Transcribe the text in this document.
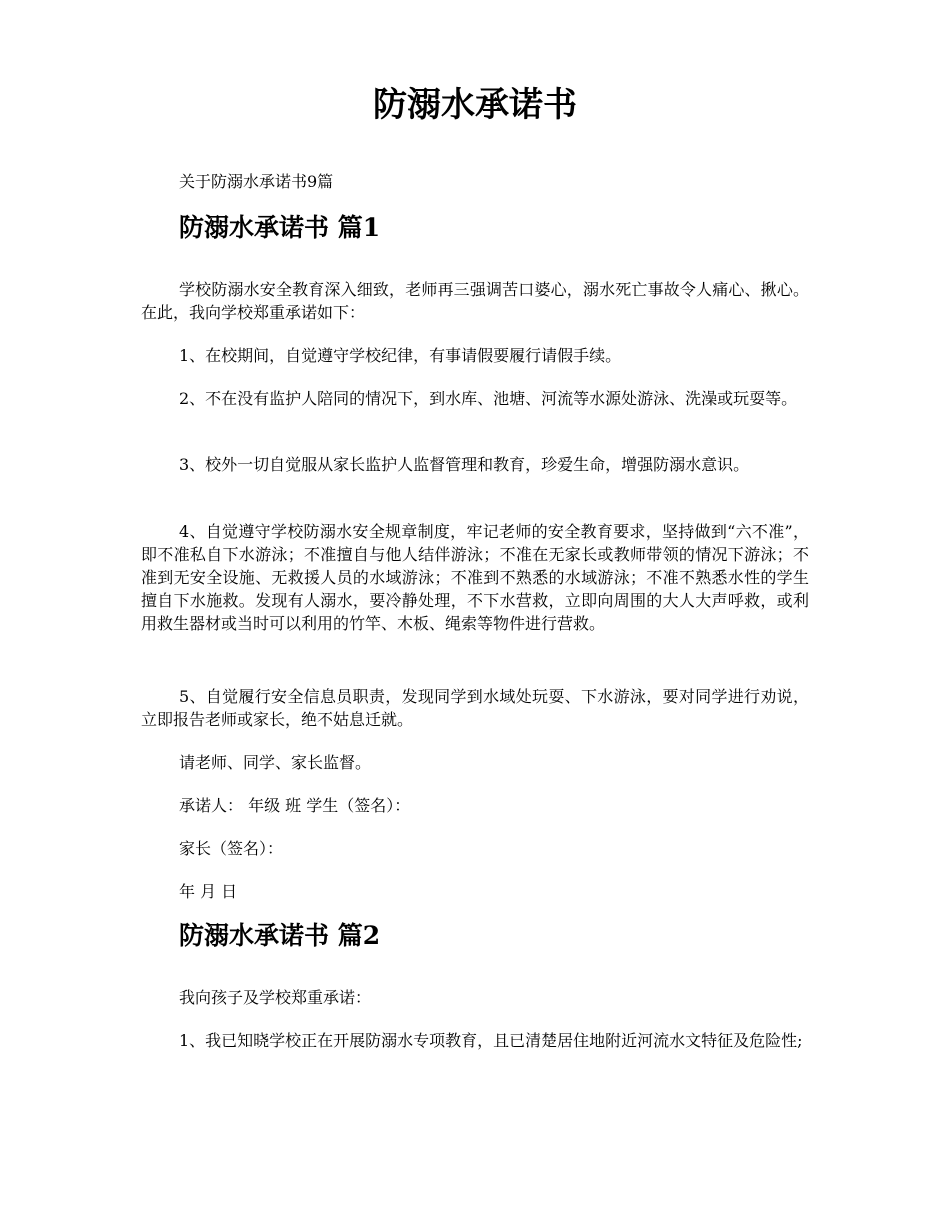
防溺水承诺书

关于防溺水承诺书9篇

防溺水承诺书 篇1

学校防溺水安全教育深入细致，老师再三强调苦口婆心，溺水死亡事故令人痛心、揪心。在此，我向学校郑重承诺如下：

1、在校期间，自觉遵守学校纪律，有事请假要履行请假手续。

2、不在没有监护人陪同的情况下，到水库、池塘、河流等水源处游泳、洗澡或玩耍等。

3、校外一切自觉服从家长监护人监督管理和教育，珍爱生命，增强防溺水意识。

4、自觉遵守学校防溺水安全规章制度，牢记老师的安全教育要求，坚持做到“六不准”，即不准私自下水游泳；不准擅自与他人结伴游泳；不准在无家长或教师带领的情况下游泳；不准到无安全设施、无救援人员的水域游泳；不准到不熟悉的水域游泳；不准不熟悉水性的学生擅自下水施救。发现有人溺水，要冷静处理，不下水营救，立即向周围的大人大声呼救，或利用救生器材或当时可以利用的竹竿、木板、绳索等物件进行营救。

5、自觉履行安全信息员职责，发现同学到水域处玩耍、下水游泳，要对同学进行劝说，立即报告老师或家长，绝不姑息迁就。

请老师、同学、家长监督。

承诺人： 年级 班 学生（签名）：

家长（签名）：

年 月 日

防溺水承诺书 篇2

我向孩子及学校郑重承诺：

1、我已知晓学校正在开展防溺水专项教育，且已清楚居住地附近河流水文特征及危险性;
